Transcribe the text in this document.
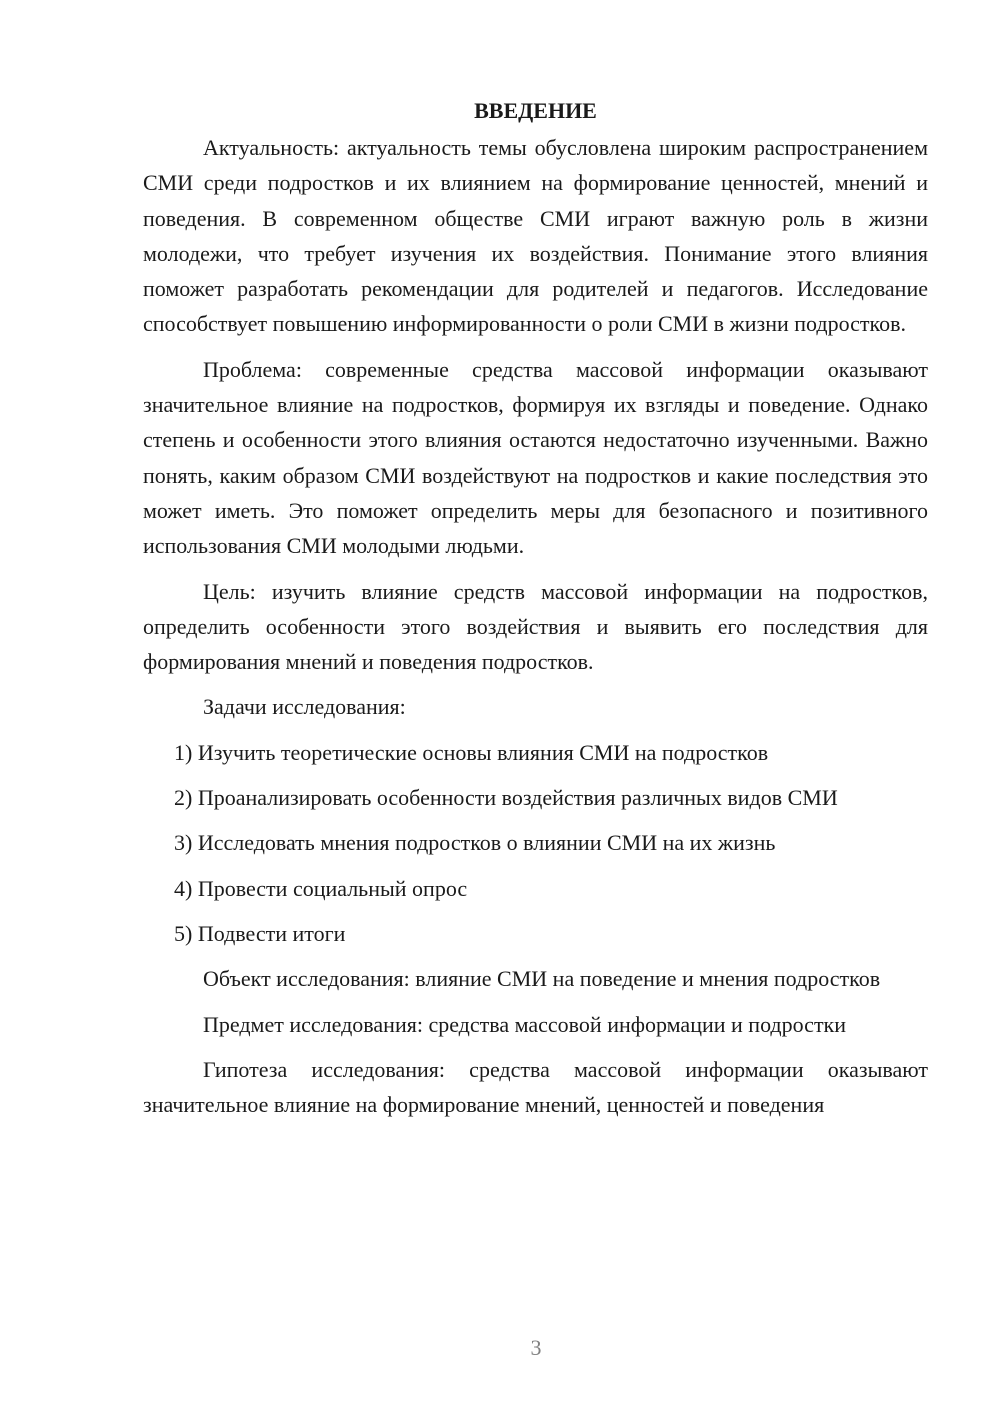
ВВЕДЕНИЕ

Актуальность: актуальность темы обусловлена широким распространением СМИ среди подростков и их влиянием на формирование ценностей, мнений и поведения. В современном обществе СМИ играют важную роль в жизни молодежи, что требует изучения их воздействия. Понимание этого влияния поможет разработать рекомендации для родителей и педагогов. Исследование способствует повышению информированности о роли СМИ в жизни подростков.

Проблема: современные средства массовой информации оказывают значительное влияние на подростков, формируя их взгляды и поведение. Однако степень и особенности этого влияния остаются недостаточно изученными. Важно понять, каким образом СМИ воздействуют на подростков и какие последствия это может иметь. Это поможет определить меры для безопасного и позитивного использования СМИ молодыми людьми.

Цель: изучить влияние средств массовой информации на подростков, определить особенности этого воздействия и выявить его последствия для формирования мнений и поведения подростков.

Задачи исследования:

1) Изучить теоретические основы влияния СМИ на подростков

2) Проанализировать особенности воздействия различных видов СМИ

3) Исследовать мнения подростков о влиянии СМИ на их жизнь

4) Провести социальный опрос

5) Подвести итоги

Объект исследования: влияние СМИ на поведение и мнения подростков

Предмет исследования: средства массовой информации и подростки

Гипотеза исследования: средства массовой информации оказывают значительное влияние на формирование мнений, ценностей и поведения

3
